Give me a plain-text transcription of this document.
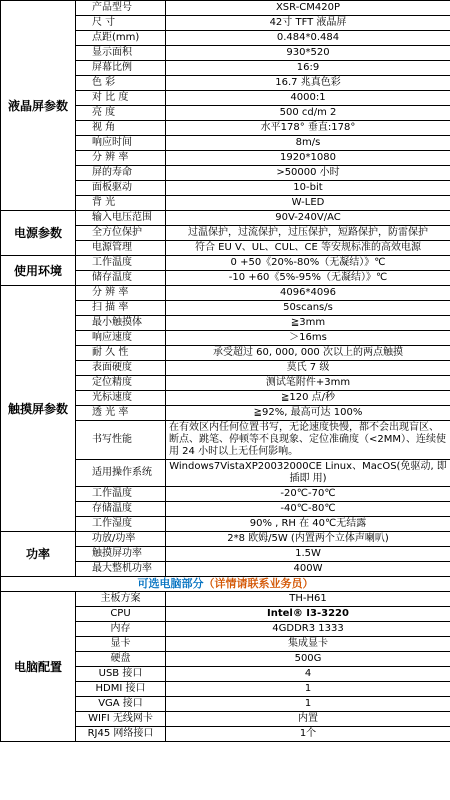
液晶屏参数	产品型号	XSR-CM420P
	尺 寸	42寸 TFT 液晶屏
	点距(mm)	0.484*0.484
	显示面积	930*520
	屏幕比例	16:9
	色 彩	16.7 兆真色彩
	对 比 度	4000:1
	亮 度	500 cd/m 2
	视 角	水平178° 垂直:178°
	响应时间	8m/s
	分 辨 率	1920*1080
	屏的寿命	>50000 小时
	面板驱动	10-bit
	背 光	W-LED
电源参数	输入电压范围	90V-240V/AC
	全方位保护	过温保护，过流保护，过压保护，短路保护，防雷保护
	电源管理	符合 EU V、UL、CUL、CE 等安规标准的高效电源
使用环境	工作温度	0 +50《20%-80%（无凝结）》℃
	储存温度	-10 +60《5%-95%（无凝结）》℃
触摸屏参数	分 辨 率	4096*4096
	扫 描 率	50scans/s
	最小触摸体	≧3mm
	响应速度	＞16ms
	耐 久 性	承受超过 60, 000, 000 次以上的两点触摸
	表面硬度	莫氏 7 级
	定位精度	测试笔附件+3mm
	光标速度	≧120 点/秒
	透 光 率	≧92%, 最高可达 100%
	书写性能	在有效区内任何位置书写，无论速度快慢，都不会出现盲区、断点、跳笔、停顿等不良现象、定位准确度（<2MM）、连续使用 24 小时以上无任何影响。
	适用操作系统	Windows7VistaXP20032000CE Linux、MacOS(免驱动, 即插即 用)
	工作温度	-20℃-70℃
	存储温度	-40℃-80℃
	工作湿度	90% , RH 在 40℃无结露
功率	功放/功率	2*8 欧姆/5W (内置两个立体声喇叭)
	触摸屏功率	1.5W
	最大整机功率	400W
可选电脑部分（详情请联系业务员）		
电脑配置	主板方案	TH-H61
	CPU	Intel® I3-3220
	内存	4GDDR3 1333
	显卡	集成显卡
	硬盘	500G
	USB 接口	4
	HDMI 接口	1
	VGA 接口	1
	WIFI 无线网卡	内置
	RJ45 网络接口	1个
